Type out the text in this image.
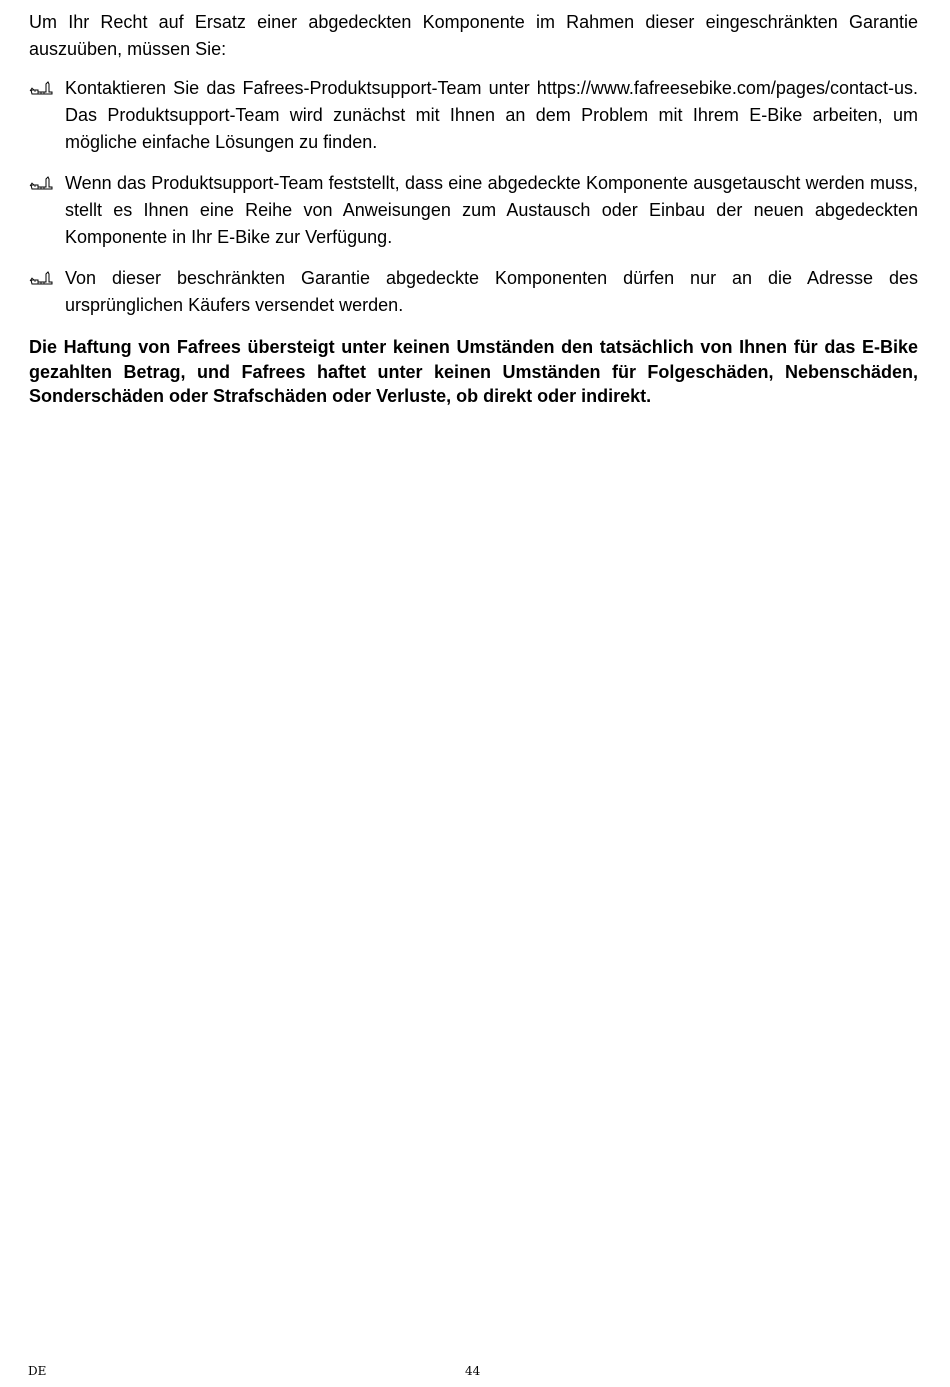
Um Ihr Recht auf Ersatz einer abgedeckten Komponente im Rahmen dieser eingeschränkten Garantie auszuüben, müssen Sie:

Kontaktieren Sie das Fafrees-Produktsupport-Team unter https://www.fafreesebike.com/pages/contact-us. Das Produktsupport-Team wird zunächst mit Ihnen an dem Problem mit Ihrem E-Bike arbeiten, um mögliche einfache Lösungen zu finden.
Wenn das Produktsupport-Team feststellt, dass eine abgedeckte Komponente ausgetauscht werden muss, stellt es Ihnen eine Reihe von Anweisungen zum Austausch oder Einbau der neuen abgedeckten Komponente in Ihr E-Bike zur Verfügung.
Von dieser beschränkten Garantie abgedeckte Komponenten dürfen nur an die Adresse des ursprünglichen Käufers versendet werden.

Die Haftung von Fafrees übersteigt unter keinen Umständen den tatsächlich von Ihnen für das E-Bike gezahlten Betrag, und Fafrees haftet unter keinen Umständen für Folgeschäden, Nebenschäden, Sonderschäden oder Strafschäden oder Verluste, ob direkt oder indirekt.

DE	44
